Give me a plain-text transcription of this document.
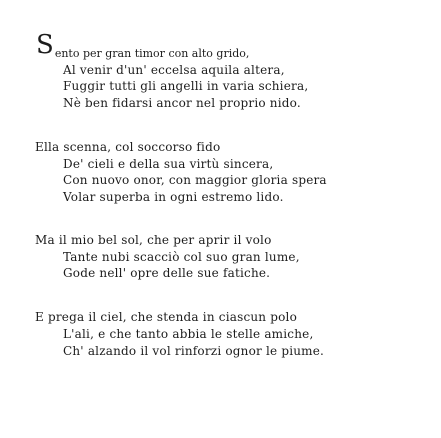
Sento per gran timor con alto grido,
Al venir d'un' eccelsa aquila altera,
Fuggir tutti gli angelli in varia schiera,
Nè ben fidarsi ancor nel proprio nido.
Ella scenna, col soccorso fido
De' cieli e della sua virtù sincera,
Con nuovo onor, con maggior gloria spera
Volar superba in ogni estremo lido.
Ma il mio bel sol, che per aprir il volo
Tante nubi scacciò col suo gran lume,
Gode nell' opre delle sue fatiche.
E prega il ciel, che stenda in ciascun polo
L'ali, e che tanto abbia le stelle amiche,
Ch' alzando il vol rinforzi ognor le piume.
